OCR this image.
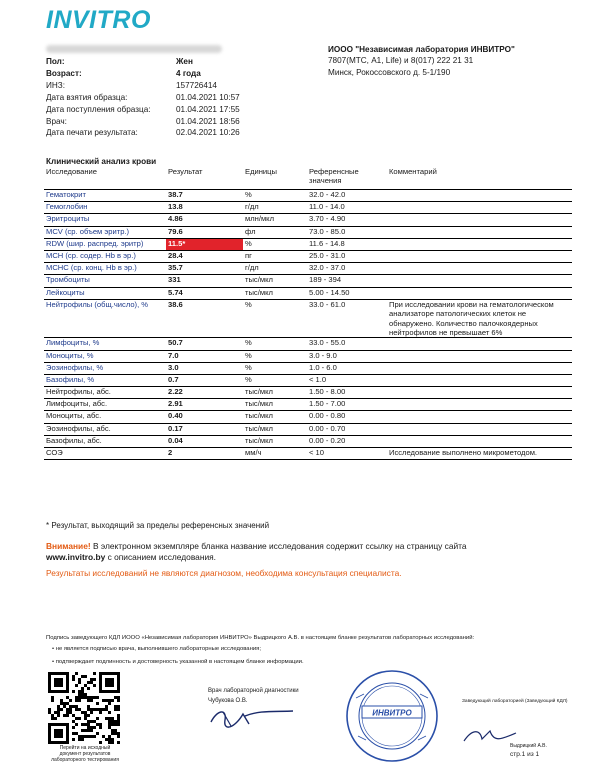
INVITRO
Пол:	Жен
Возраст:	4 года
ИНЗ:	157726414
Дата взятия образца:	01.04.2021 10:57
Дата поступления образца:	01.04.2021 17:55
Врач:	01.04.2021 18:56
Дата печати результата:	02.04.2021 10:26
ИООО "Независимая лаборатория ИНВИТРО"
7807(МТС, А1, Life) и 8(017) 222 21 31
Минск, Рокоссовского д. 5-1/190
Клинический анализ крови
Исследование	Результат	Единицы	Референсные значения	Комментарий
Гематокрит	38.7	%	32.0 - 42.0	
Гемоглобин	13.8	г/дл	11.0 - 14.0	
Эритроциты	4.86	млн/мкл	3.70 - 4.90	
MCV (ср. объем эритр.)	79.6	фл	73.0 - 85.0	
RDW (шир. распред. эритр)	11.5*	%	11.6 - 14.8	
MCH (ср. содер. Hb в эр.)	28.4	пг	25.0 - 31.0	
MCHC (ср. конц. Hb в эр.)	35.7	г/дл	32.0 - 37.0	
Тромбоциты	331	тыс/мкл	189 - 394	
Лейкоциты	5.74	тыс/мкл	5.00 - 14.50	
Нейтрофилы (общ.число), %	38.6	%	33.0 - 61.0	При исследовании крови на гематологическом анализаторе патологических клеток не обнаружено. Количество палочкоядерных нейтрофилов не превышает 6%
Лимфоциты, %	50.7	%	33.0 - 55.0	
Моноциты, %	7.0	%	3.0 - 9.0	
Эозинофилы, %	3.0	%	1.0 - 6.0	
Базофилы, %	0.7	%	< 1.0	
Нейтрофилы, абс.	2.22	тыс/мкл	1.50 - 8.00	
Лимфоциты, абс.	2.91	тыс/мкл	1.50 - 7.00	
Моноциты, абс.	0.40	тыс/мкл	0.00 - 0.80	
Эозинофилы, абс.	0.17	тыс/мкл	0.00 - 0.70	
Базофилы, абс.	0.04	тыс/мкл	0.00 - 0.20	
СОЭ	2	мм/ч	< 10	Исследование выполнено микрометодом.
* Результат, выходящий за пределы референсных значений
Внимание! В электронном экземпляре бланка название исследования содержит ссылку на страницу сайта
www.invitro.by с описанием исследования.
Результаты исследований не являются диагнозом, необходима консультация специалиста.
Подпись заведующего КДЛ ИООО «Независимая лаборатория ИНВИТРО» Выдрицкого А.В. в настоящем бланке результатов лабораторных исследований:
• не является подписью врача, выполнившего лабораторные исследования;
• подтверждает подлинность и достоверность указанной в настоящем бланке информации.
Перейти на исходный документ результатов лабораторного тестирования
Врач лабораторной диагностики
Чубукова О.В.
ИНВИТРО
Заведующий лабораторией (Заведующий КДЛ)
Выдрицкий А.В.
стр.1 из 1
